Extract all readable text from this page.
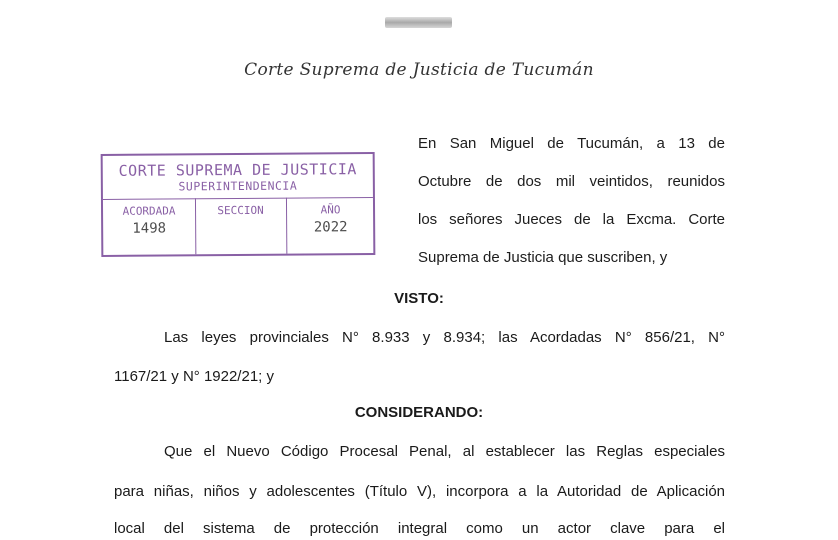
Corte Suprema de Justicia de Tucumán
CORTE SUPREMA DE JUSTICIA
SUPERINTENDENCIA
ACORDADA
1498
SECCION	AÑO
2022
En San Miguel de Tucumán, a 13 de
Octubre de dos mil veintidos, reunidos
los señores Jueces de la Excma. Corte
Suprema de Justicia que suscriben, y
VISTO:
Las leyes provinciales N° 8.933 y 8.934; las Acordadas N° 856/21, N°
1167/21 y N° 1922/21; y
CONSIDERANDO:
Que el Nuevo Código Procesal Penal, al establecer las Reglas especiales
para niñas, niños y adolescentes (Título V), incorpora a la Autoridad de Aplicación
local del sistema de protección integral como un actor clave para el
